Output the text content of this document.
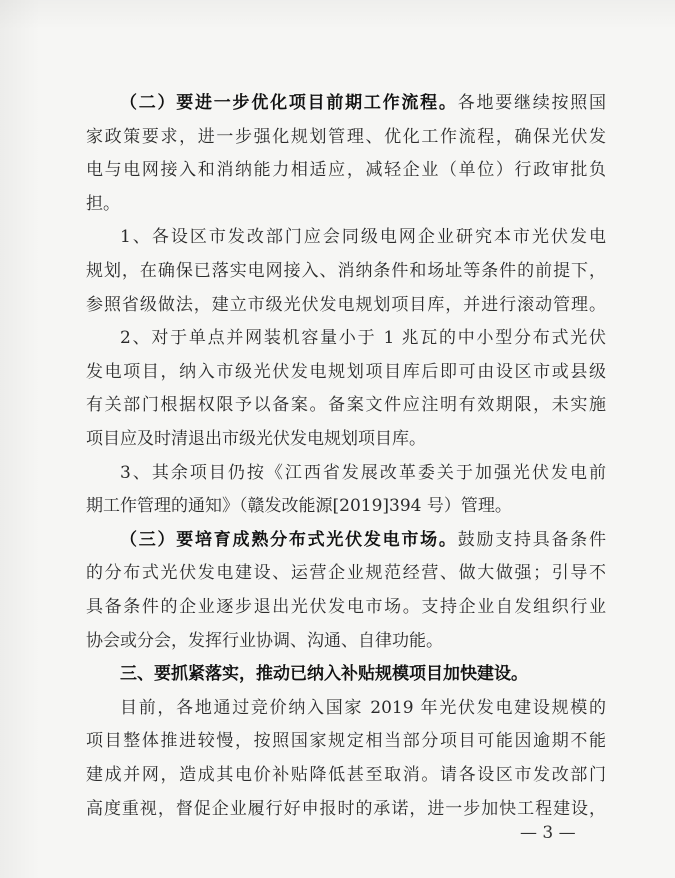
（二）要进一步优化项目前期工作流程。各地要继续按照国
家政策要求，进一步强化规划管理、优化工作流程，确保光伏发
电与电网接入和消纳能力相适应，减轻企业（单位）行政审批负
担。
1、各设区市发改部门应会同级电网企业研究本市光伏发电
规划，在确保已落实电网接入、消纳条件和场址等条件的前提下，
参照省级做法，建立市级光伏发电规划项目库，并进行滚动管理。
2、对于单点并网装机容量小于 1 兆瓦的中小型分布式光伏
发电项目，纳入市级光伏发电规划项目库后即可由设区市或县级
有关部门根据权限予以备案。备案文件应注明有效期限，未实施
项目应及时清退出市级光伏发电规划项目库。
3、其余项目仍按《江西省发展改革委关于加强光伏发电前
期工作管理的通知》（赣发改能源[2019]394 号）管理。
（三）要培育成熟分布式光伏发电市场。鼓励支持具备条件
的分布式光伏发电建设、运营企业规范经营、做大做强；引导不
具备条件的企业逐步退出光伏发电市场。支持企业自发组织行业
协会或分会，发挥行业协调、沟通、自律功能。
三、要抓紧落实，推动已纳入补贴规模项目加快建设。
目前，各地通过竞价纳入国家 2019 年光伏发电建设规模的
项目整体推进较慢，按照国家规定相当部分项目可能因逾期不能
建成并网，造成其电价补贴降低甚至取消。请各设区市发改部门
高度重视，督促企业履行好申报时的承诺，进一步加快工程建设，
— 3 —
